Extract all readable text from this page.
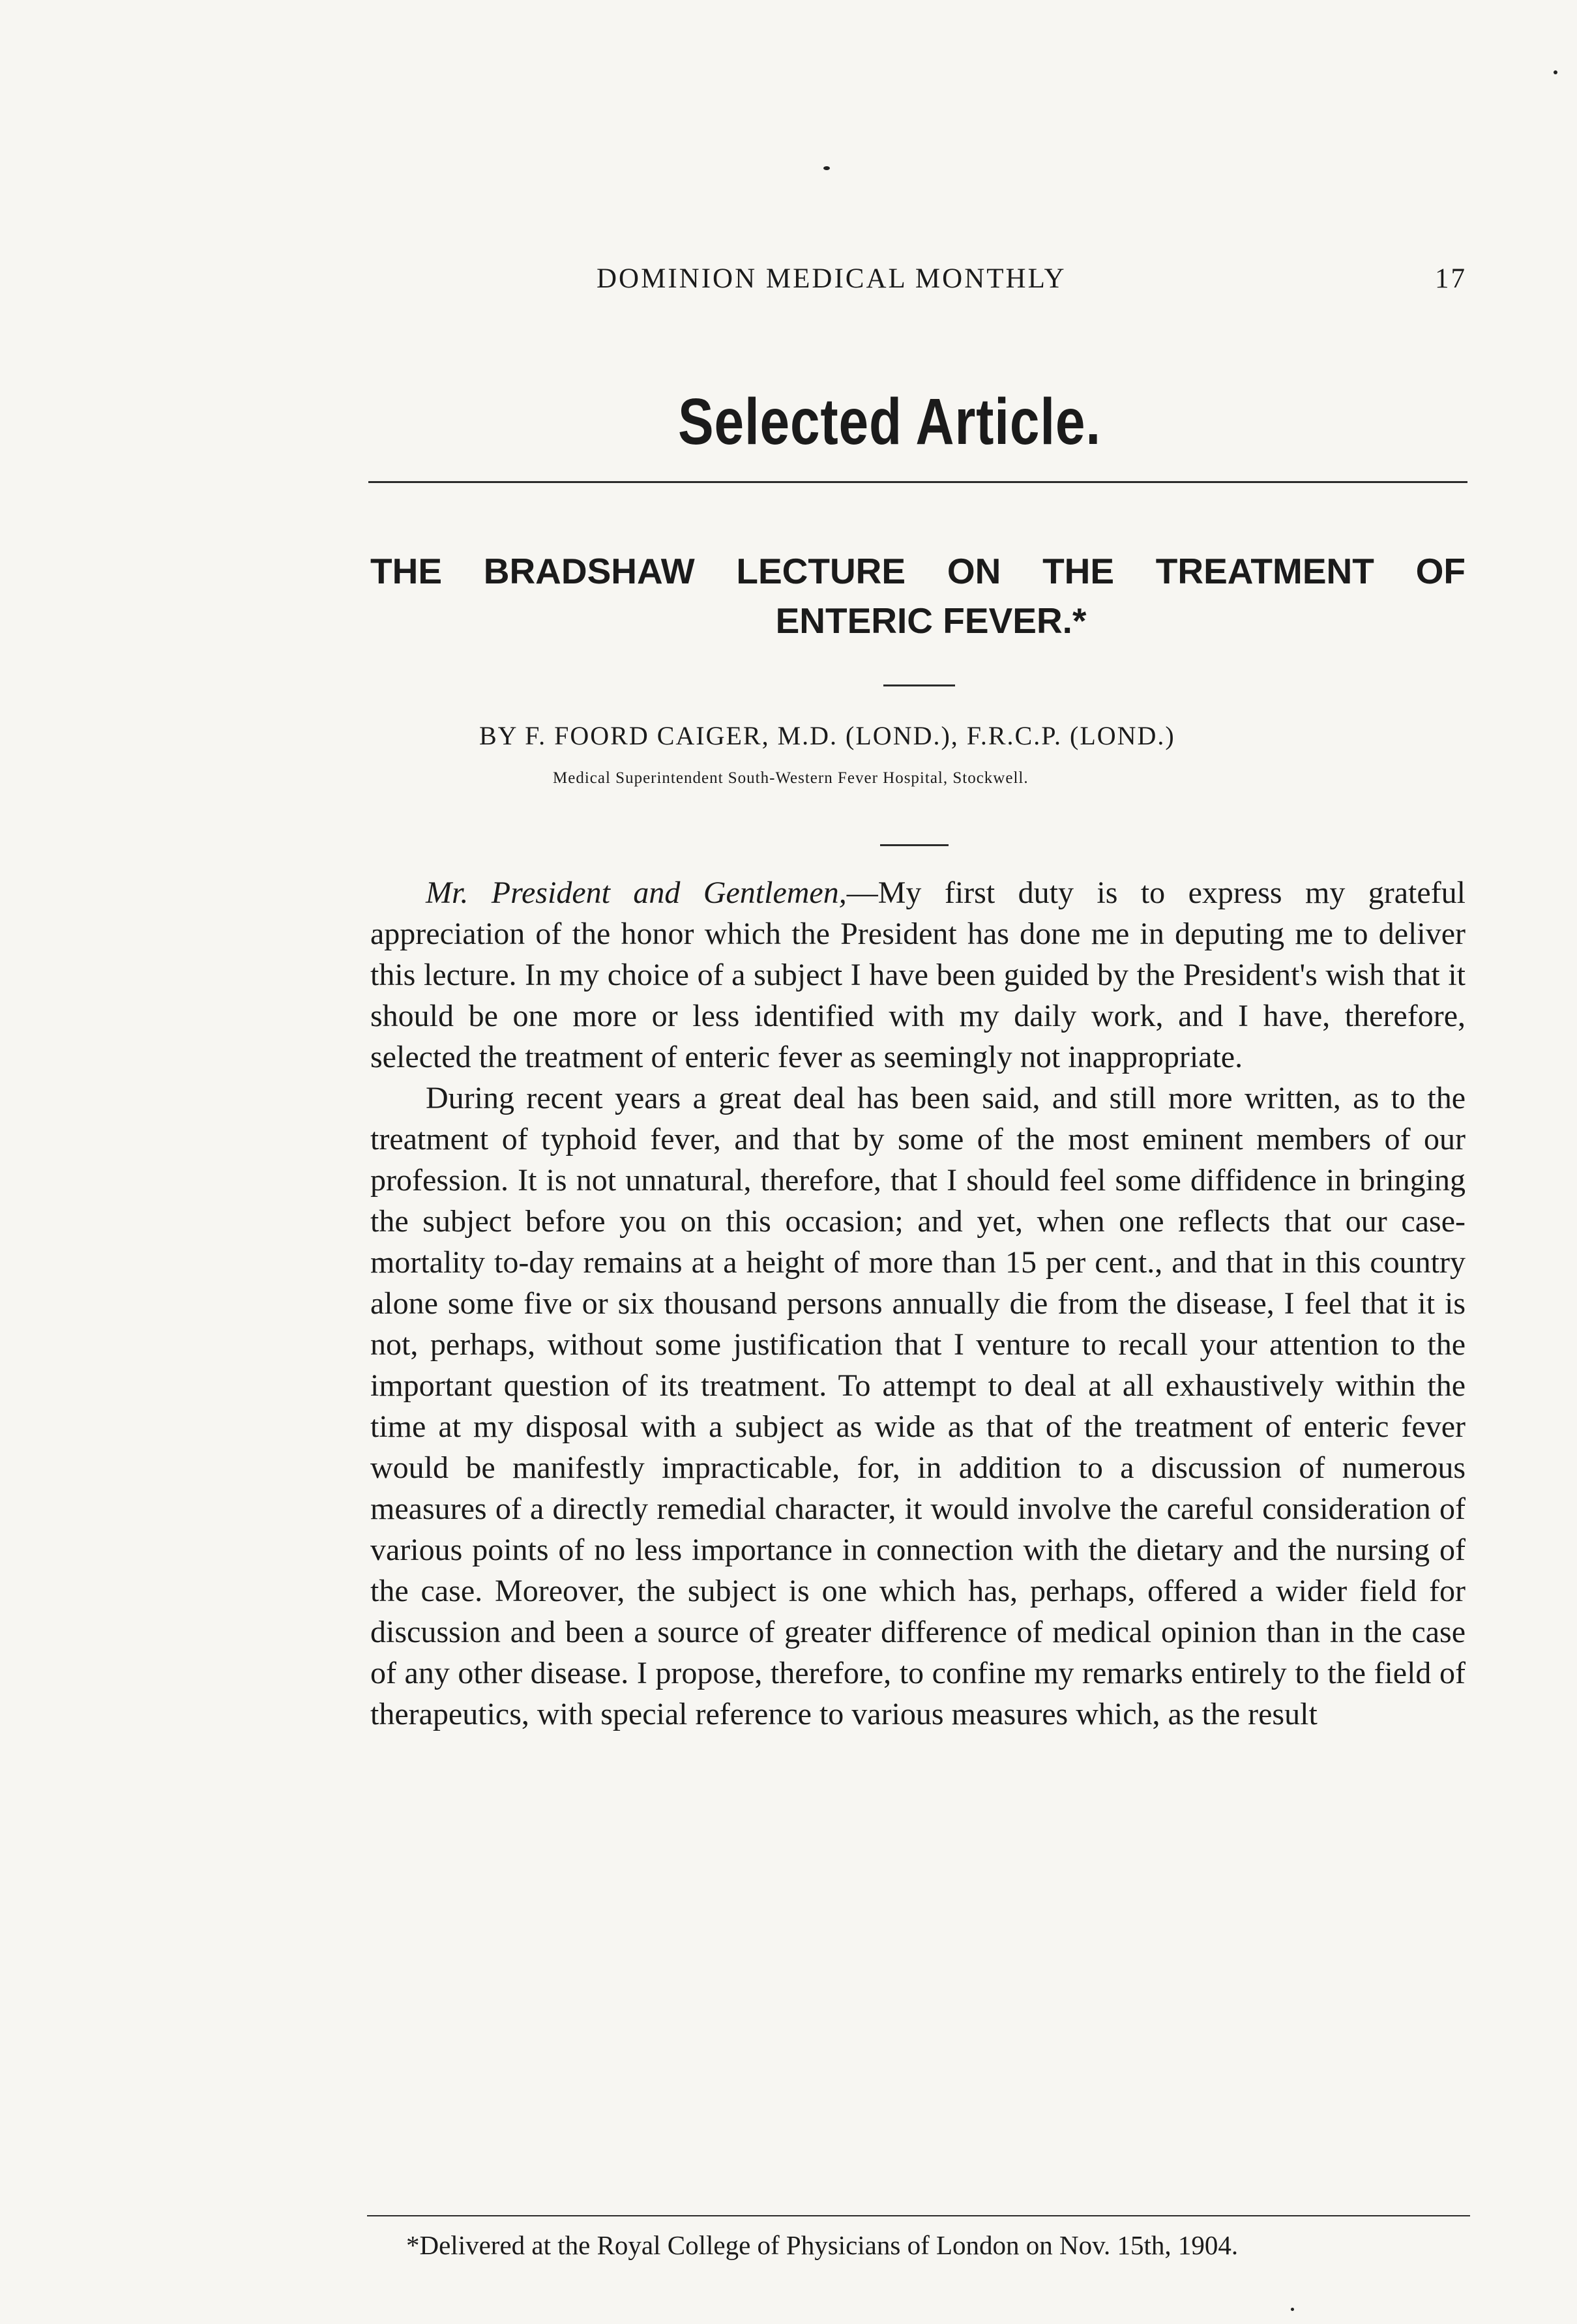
DOMINION MEDICAL MONTHLY	17
Selected Article.
THE BRADSHAW LECTURE ON THE TREATMENT OF
ENTERIC FEVER.*
BY F. FOORD CAIGER, M.D. (LOND.), F.R.C.P. (LOND.)
Medical Superintendent South-Western Fever Hospital, Stockwell.

Mr. President and Gentlemen,—My first duty is to express my grateful appreciation of the honor which the President has done me in deputing me to deliver this lecture. In my choice of a subject I have been guided by the President's wish that it should be one more or less identified with my daily work, and I have, therefore, selected the treatment of enteric fever as seemingly not inappropriate.

During recent years a great deal has been said, and still more written, as to the treatment of typhoid fever, and that by some of the most eminent members of our profession. It is not unnatural, therefore, that I should feel some diffidence in bringing the subject before you on this occasion; and yet, when one reflects that our case-mortality to-day remains at a height of more than 15 per cent., and that in this country alone some five or six thousand persons annually die from the disease, I feel that it is not, perhaps, without some justification that I venture to recall your attention to the important question of its treatment. To attempt to deal at all exhaustively within the time at my disposal with a subject as wide as that of the treatment of enteric fever would be manifestly impracticable, for, in addition to a discussion of numerous measures of a directly remedial character, it would involve the careful consideration of various points of no less importance in connection with the dietary and the nursing of the case. Moreover, the subject is one which has, perhaps, offered a wider field for discussion and been a source of greater difference of medical opinion than in the case of any other disease. I propose, therefore, to confine my remarks entirely to the field of therapeutics, with special reference to various measures which, as the result

*Delivered at the Royal College of Physicians of London on Nov. 15th, 1904.
